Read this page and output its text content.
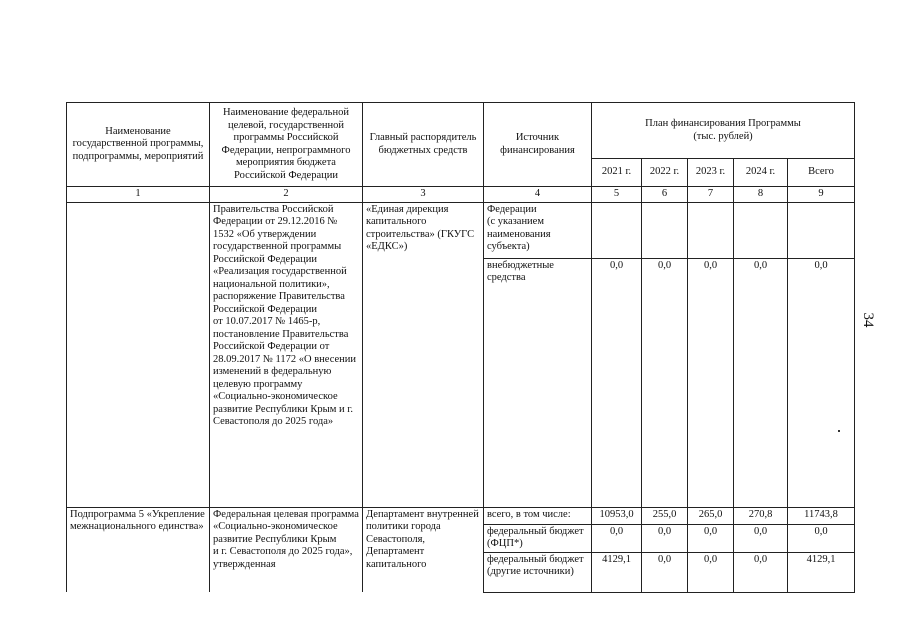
Наименование государственной программы, подпрограммы, мероприятий	Наименование федеральной целевой, государственной программы Российской Федерации, непрограммного мероприятия бюджета Российской Федерации	Главный распорядитель бюджетных средств	Источник финансирования	План финансирования Программы
(тыс. рублей)				
				2021 г.	2022 г.	2023 г.	2024 г.	Всего
1	2	3	4	5	6	7	8	9
	Правительства Российской Федерации от 29.12.2016 № 1532 «Об утверждении государственной программы Российской Федерации «Реализация государственной национальной политики», распоряжение Правительства Российской Федерации
от 10.07.2017 № 1465-р, постановление Правительства Российской Федерации от 28.09.2017 № 1172 «О внесении изменений в федеральную целевую программу «Социально-экономическое развитие Республики Крым и г. Севастополя до 2025 года»	«Единая дирекция капитального строительства» (ГКУГС «ЕДКС»)	Федерации
(с указанием наименования субъекта)					
			внебюджетные средства	0,0	0,0	0,0	0,0	0,0
Подпрограмма 5 «Укрепление межнационального единства»	Федеральная целевая программа «Социально-экономическое развитие Республики Крым
и г. Севастополя до 2025 года», утвержденная	Департамент внутренней политики города Севастополя, Департамент капитального	всего, в том числе:	10953,0	255,0	265,0	270,8	11743,8
			федеральный бюджет (ФЦП*)	0,0	0,0	0,0	0,0	0,0
			федеральный бюджет (другие источники)	4129,1	0,0	0,0	0,0	4129,1
34
